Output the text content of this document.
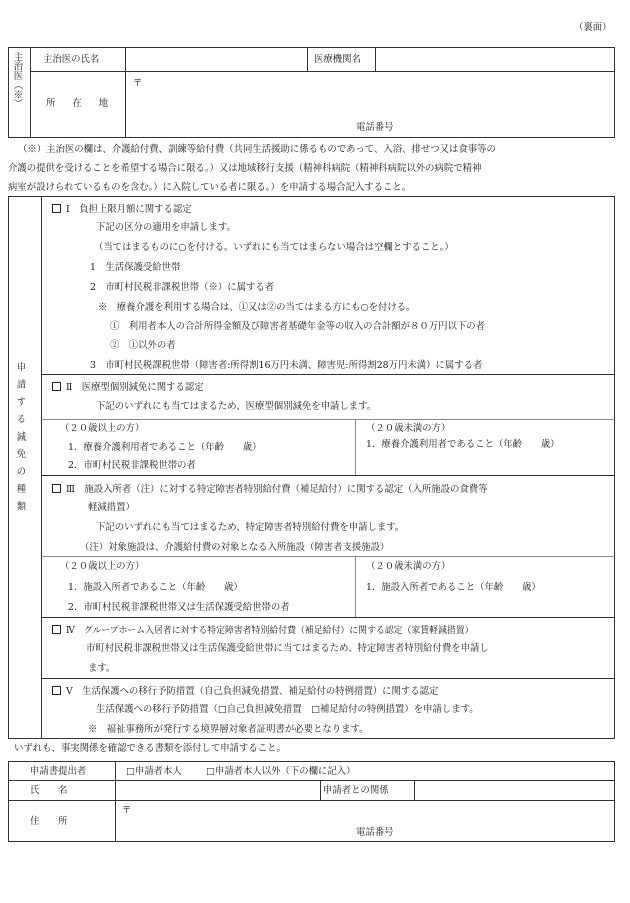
（裏面）
主治医（※） 主治医の氏名	医療機関名
所 在 地
〒
電話番号
（※）主治医の欄は、介護給付費、訓練等給付費（共同生活援助に係るものであって、入浴、排せつ又は食事等の
介護の提供を受けることを希望する場合に限る。）又は地域移行支援（精神科病院（精神科病院以外の病院で精神
病室が設けられているものを含む。）に入院している者に限る。）を申請する場合記入すること。
申請する減免の種類
Ⅰ　負担上限月額に関する認定
下記の区分の適用を申請します。
（当てはまるものに○を付ける。いずれにも当てはまらない場合は空欄とすること。）
1　生活保護受給世帯
2　市町村民税非課税世帯（※）に属する者
※　療養介護を利用する場合は、①又は②の当てはまる方にも○を付ける。
①　利用者本人の合計所得金額及び障害者基礎年金等の収入の合計額が８０万円以下の者
②　①以外の者
3　市町村民税課税世帯（障害者:所得割16万円未満、障害児:所得割28万円未満）に属する者
Ⅱ　医療型個別減免に関する認定
下記のいずれにも当てはまるため、医療型個別減免を申請します。
（２０歳以上の方）
1．療養介護利用者であること（年齢　　歳）
2．市町村民税非課税世帯の者
（２０歳未満の方）
1．療養介護利用者であること（年齢　　歳）
Ⅲ　施設入所者（注）に対する特定障害者特別給付費（補足給付）に関する認定（入所施設の食費等
軽減措置）
下記のいずれにも当てはまるため、特定障害者特別給付費を申請します。
（注）対象施設は、介護給付費の対象となる入所施設（障害者支援施設）
（２０歳以上の方）
1．施設入所者であること（年齢　　歳）
2．市町村民税非課税世帯又は生活保護受給世帯の者
（２０歳未満の方）
1．施設入所者であること（年齢　　歳）
Ⅳ　グループホーム入居者に対する特定障害者特別給付費（補足給付）に関する認定（家賃軽減措置）
市町村民税非課税世帯又は生活保護受給世帯に当てはまるため、特定障害者特別給付費を申請し
ます。
Ⅴ　生活保護への移行予防措置（自己負担減免措置、補足給付の特例措置）に関する認定
生活保護への移行予防措置（□自己負担減免措置　□補足給付の特例措置）を申請します。
※　福祉事務所が発行する境界層対象者証明書が必要となります。
いずれも、事実関係を確認できる書類を添付して申請すること。
申請書提出者	□申請者本人	□申請者本人以外（下の欄に記入）
氏　　名	申請者との関係
住　　所
〒
電話番号
